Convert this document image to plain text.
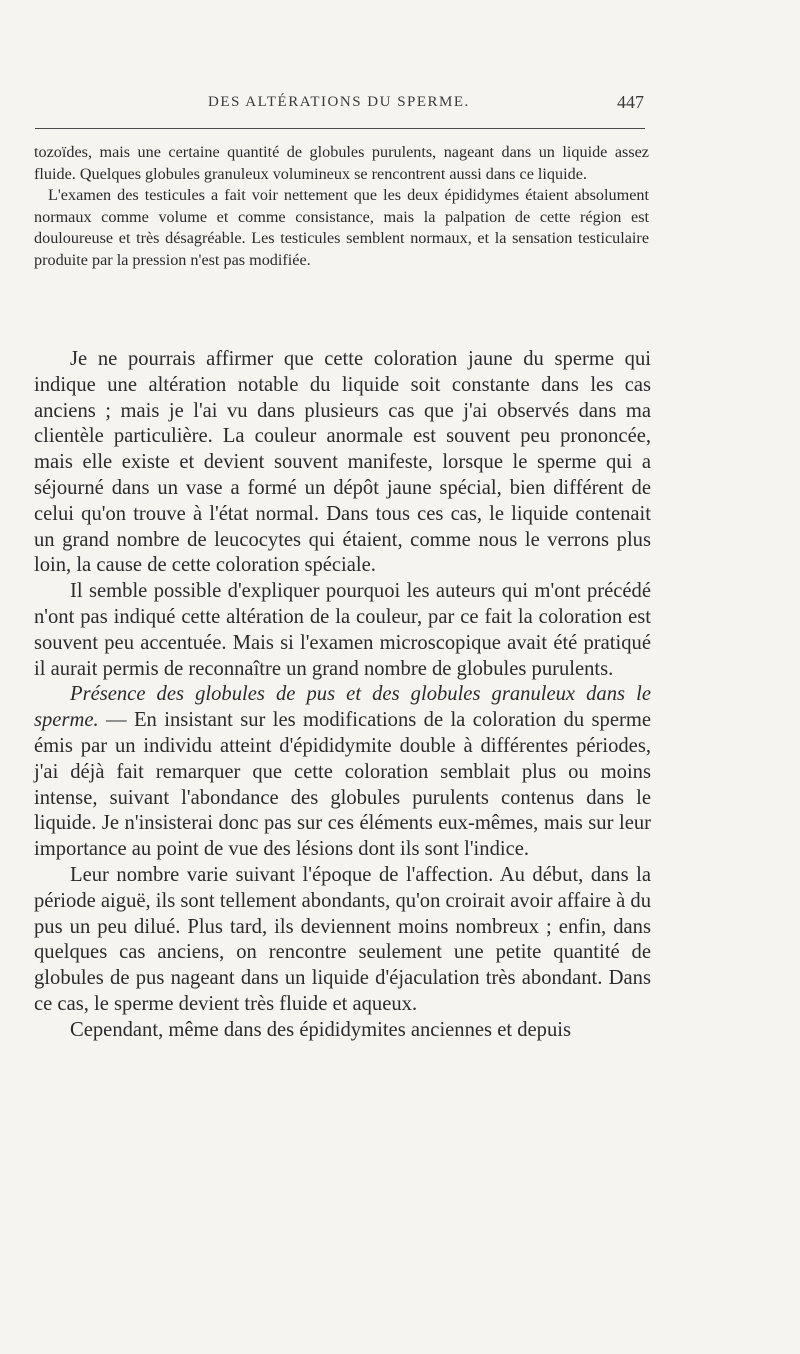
DES ALTÉRATIONS DU SPERME.	447

tozoïdes, mais une certaine quantité de globules purulents, nageant dans un liquide assez fluide. Quelques globules granuleux volumineux se rencontrent aussi dans ce liquide.

L'examen des testicules a fait voir nettement que les deux épididymes étaient absolument normaux comme volume et comme consistance, mais la palpation de cette région est douloureuse et très désagréable. Les testicules semblent normaux, et la sensation testiculaire produite par la pression n'est pas modifiée.

Je ne pourrais affirmer que cette coloration jaune du sperme qui indique une altération notable du liquide soit constante dans les cas anciens ; mais je l'ai vu dans plusieurs cas que j'ai observés dans ma clientèle particulière. La couleur anormale est souvent peu prononcée, mais elle existe et devient souvent manifeste, lorsque le sperme qui a séjourné dans un vase a formé un dépôt jaune spécial, bien différent de celui qu'on trouve à l'état normal. Dans tous ces cas, le liquide contenait un grand nombre de leucocytes qui étaient, comme nous le verrons plus loin, la cause de cette coloration spéciale.

Il semble possible d'expliquer pourquoi les auteurs qui m'ont précédé n'ont pas indiqué cette altération de la couleur, par ce fait la coloration est souvent peu accentuée. Mais si l'examen microscopique avait été pratiqué il aurait permis de reconnaître un grand nombre de globules purulents.

Présence des globules de pus et des globules granuleux dans le sperme. — En insistant sur les modifications de la coloration du sperme émis par un individu atteint d'épididymite double à différentes périodes, j'ai déjà fait remarquer que cette coloration semblait plus ou moins intense, suivant l'abondance des globules purulents contenus dans le liquide. Je n'insisterai donc pas sur ces éléments eux-mêmes, mais sur leur importance au point de vue des lésions dont ils sont l'indice.

Leur nombre varie suivant l'époque de l'affection. Au début, dans la période aiguë, ils sont tellement abondants, qu'on croirait avoir affaire à du pus un peu dilué. Plus tard, ils deviennent moins nombreux ; enfin, dans quelques cas anciens, on rencontre seulement une petite quantité de globules de pus nageant dans un liquide d'éjaculation très abondant. Dans ce cas, le sperme devient très fluide et aqueux.

Cependant, même dans des épididymites anciennes et depuis
